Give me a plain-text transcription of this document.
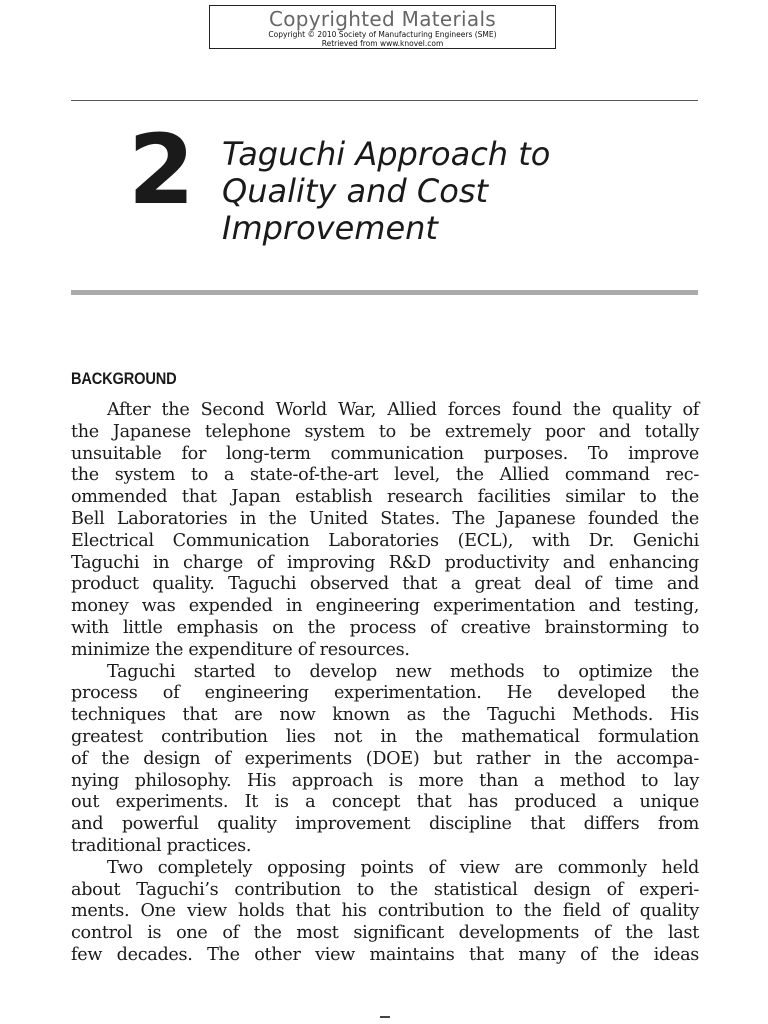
Copyrighted Materials
Copyright © 2010 Society of Manufacturing Engineers (SME)
Retrieved from www.knovel.com
2 Taguchi Approach to
Quality and Cost
Improvement
BACKGROUND
After the Second World War, Allied forces found the quality of
the Japanese telephone system to be extremely poor and totally
unsuitable for long-term communication purposes. To improve
the system to a state-of-the-art level, the Allied command rec-
ommended that Japan establish research facilities similar to the
Bell Laboratories in the United States. The Japanese founded the
Electrical Communication Laboratories (ECL), with Dr. Genichi
Taguchi in charge of improving R&D productivity and enhancing
product quality. Taguchi observed that a great deal of time and
money was expended in engineering experimentation and testing,
with little emphasis on the process of creative brainstorming to
minimize the expenditure of resources.
Taguchi started to develop new methods to optimize the
process of engineering experimentation. He developed the
techniques that are now known as the Taguchi Methods. His
greatest contribution lies not in the mathematical formulation
of the design of experiments (DOE) but rather in the accompa-
nying philosophy. His approach is more than a method to lay
out experiments. It is a concept that has produced a unique
and powerful quality improvement discipline that differs from
traditional practices.
Two completely opposing points of view are commonly held
about Taguchi’s contribution to the statistical design of experi-
ments. One view holds that his contribution to the field of quality
control is one of the most significant developments of the last
few decades. The other view maintains that many of the ideas
